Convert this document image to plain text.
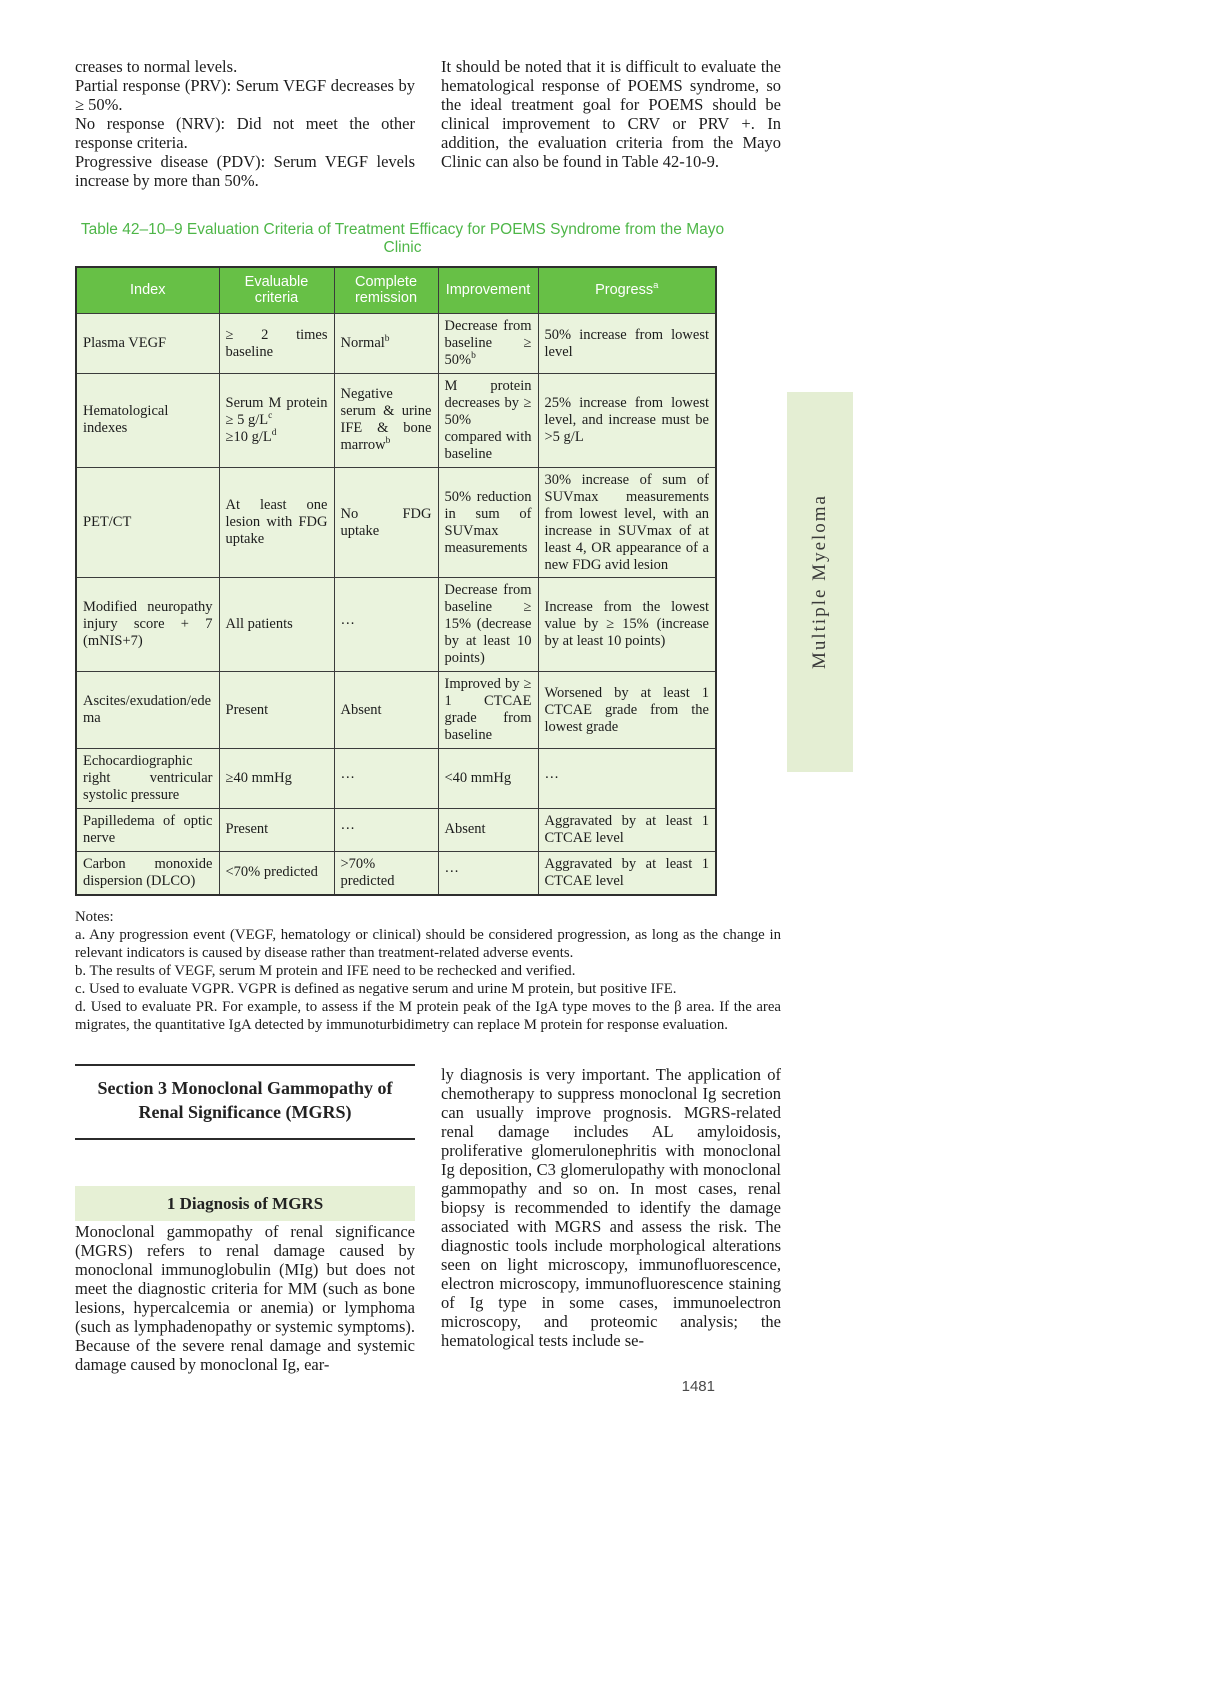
creases to normal levels.

Partial response (PRV): Serum VEGF decreases by ≥ 50%.

No response (NRV): Did not meet the other response criteria.

Progressive disease (PDV): Serum VEGF levels increase by more than 50%.

It should be noted that it is difficult to evaluate the hematological response of POEMS syndrome, so the ideal treatment goal for POEMS should be clinical improvement to CRV or PRV +. In addition, the evaluation criteria from the Mayo Clinic can also be found in Table 42-10-9.

Table 42–10–9 Evaluation Criteria of Treatment Efficacy for POEMS Syndrome from the Mayo Clinic
Index	Evaluable criteria	Complete remission	Improvement	Progress$^a$
Plasma VEGF	≥ 2 times baseline	Normal$^b$	Decrease from baseline ≥ 50%$^b$	50% increase from lowest level
Hematological indexes	Serum M protein ≥ 5 $g/L^c$
≥10 $g/L^d$	Negative serum & urine IFE & bone marrow$^b$	M protein decreases by ≥ 50% compared with baseline	25% increase from lowest level, and increase must be >5 g/L
PET/CT	At least one lesion with FDG uptake	No FDG uptake	50% reduction in sum of SUVmax measurements	30% increase of sum of SUVmax measurements from lowest level, with an increase in SUVmax of at least 4, OR appearance of a new FDG avid lesion
Modified neuropathy injury score + 7 (mNIS+7)	All patients	···	Decrease from baseline ≥ 15% (decrease by at least 10 points)	Increase from the lowest value by ≥ 15% (increase by at least 10 points)
Ascites/exudation/edema	Present	Absent	Improved by ≥ 1 CTCAE grade from baseline	Worsened by at least 1 CTCAE grade from the lowest grade
Echocardiographic right ventricular systolic pressure	≥40 mmHg	···	<40 mmHg	···
Papilledema of optic nerve	Present	···	Absent	Aggravated by at least 1 CTCAE level
Carbon monoxide dispersion (DLCO)	<70% predicted	>70% predicted	···	Aggravated by at least 1 CTCAE level

Notes:

a. Any progression event (VEGF, hematology or clinical) should be considered progression, as long as the change in relevant indicators is caused by disease rather than treatment-related adverse events.

b. The results of VEGF, serum M protein and IFE need to be rechecked and verified.

c. Used to evaluate VGPR. VGPR is defined as negative serum and urine M protein, but positive IFE.

d. Used to evaluate PR. For example, to assess if the M protein peak of the IgA type moves to the β area. If the area migrates, the quantitative IgA detected by immunoturbidimetry can replace M protein for response evaluation.

Section 3 Monoclonal Gammopathy of Renal Significance (MGRS)
1 Diagnosis of MGRS

Monoclonal gammopathy of renal significance (MGRS) refers to renal damage caused by monoclonal immunoglobulin (MIg) but does not meet the diagnostic criteria for MM (such as bone lesions, hypercalcemia or anemia) or lymphoma (such as lymphadenopathy or systemic symptoms). Because of the severe renal damage and systemic damage caused by monoclonal Ig, ear-

ly diagnosis is very important. The application of chemotherapy to suppress monoclonal Ig secretion can usually improve prognosis. MGRS-related renal damage includes AL amyloidosis, proliferative glomerulonephritis with monoclonal Ig deposition, C3 glomerulopathy with monoclonal gammopathy and so on. In most cases, renal biopsy is recommended to identify the damage associated with MGRS and assess the risk. The diagnostic tools include morphological alterations seen on light microscopy, immunofluorescence, electron microscopy, immunofluorescence staining of Ig type in some cases, immunoelectron microscopy, and proteomic analysis; the hematological tests include se-

1481
Multiple Myeloma
